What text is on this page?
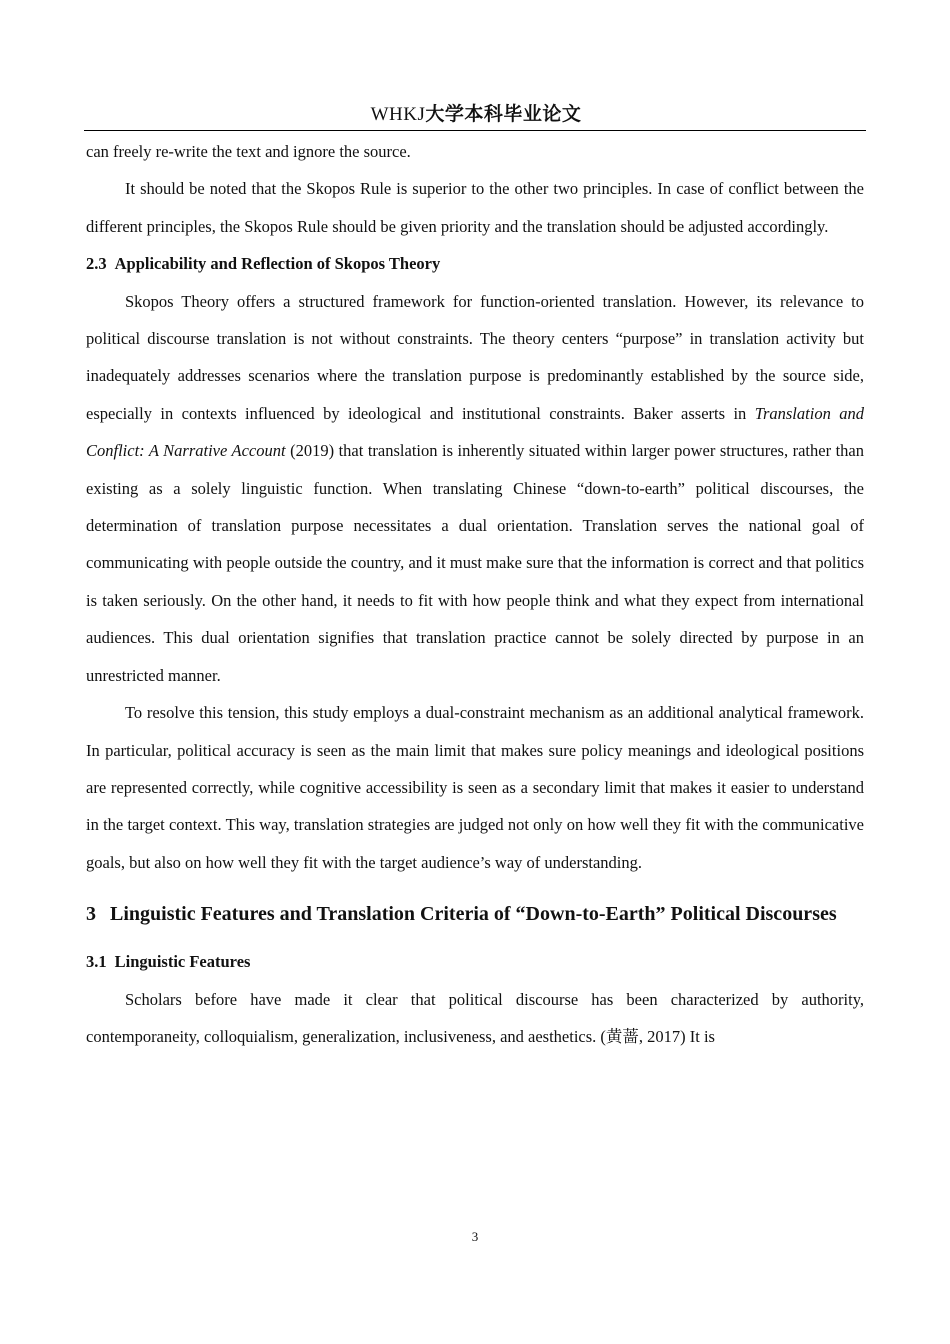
WHKJ大学本科毕业论文

can freely re-write the text and ignore the source.

It should be noted that the Skopos Rule is superior to the other two principles. In case of conflict between the different principles, the Skopos Rule should be given priority and the translation should be adjusted accordingly.

2.3 Applicability and Reflection of Skopos Theory

Skopos Theory offers a structured framework for function-oriented translation. However, its relevance to political discourse translation is not without constraints. The theory centers “purpose” in translation activity but inadequately addresses scenarios where the translation purpose is predominantly established by the source side, especially in contexts influenced by ideological and institutional constraints. Baker asserts in Translation and Conflict: A Narrative Account (2019) that translation is inherently situated within larger power structures, rather than existing as a solely linguistic function. When translating Chinese “down-to-earth” political discourses, the determination of translation purpose necessitates a dual orientation. Translation serves the national goal of communicating with people outside the country, and it must make sure that the information is correct and that politics is taken seriously. On the other hand, it needs to fit with how people think and what they expect from international audiences. This dual orientation signifies that translation practice cannot be solely directed by purpose in an unrestricted manner.

To resolve this tension, this study employs a dual-constraint mechanism as an additional analytical framework. In particular, political accuracy is seen as the main limit that makes sure policy meanings and ideological positions are represented correctly, while cognitive accessibility is seen as a secondary limit that makes it easier to understand in the target context. This way, translation strategies are judged not only on how well they fit with the communicative goals, but also on how well they fit with the target audience’s way of understanding.

3 Linguistic Features and Translation Criteria of “Down-to-Earth” Political Discourses

3.1 Linguistic Features

Scholars before have made it clear that political discourse has been characterized by authority, contemporaneity, colloquialism, generalization, inclusiveness, and aesthetics. (黄蔷, 2017) It is

3
